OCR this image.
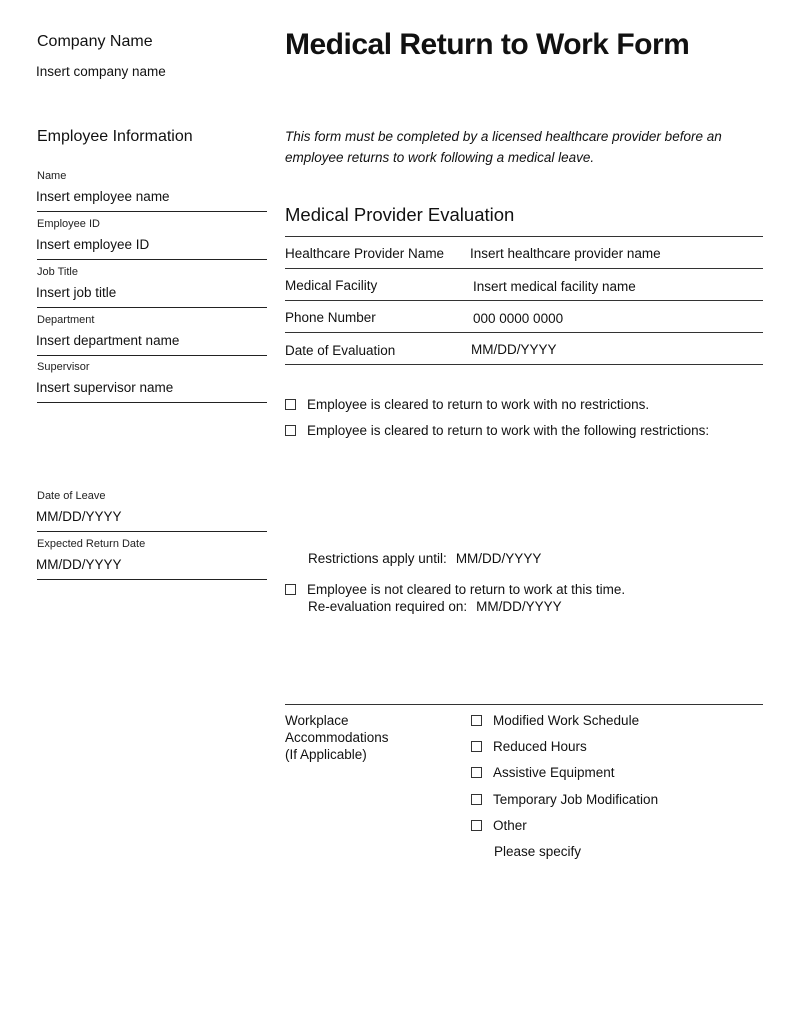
Company Name
Insert company name
Employee Information
Name
Insert employee name
Employee ID
Insert employee ID
Job Title
Insert job title
Department
Insert department name
Supervisor
Insert supervisor name
Date of Leave
MM/DD/YYYY
Expected Return Date
MM/DD/YYYY
Medical Return to Work Form
This form must be completed by a licensed healthcare provider before an employee returns to work following a medical leave.
Medical Provider Evaluation
Healthcare Provider Name Insert healthcare provider name
Medical Facility	Insert medical facility name
Phone Number	000 0000 0000
Date of Evaluation	MM/DD/YYYY
Employee is cleared to return to work with no restrictions.
Employee is cleared to return to work with the following restrictions:
Restrictions apply until: MM/DD/YYYY
Employee is not cleared to return to work at this time.
Re-evaluation required on: MM/DD/YYYY
Workplace
Accommodations
(If Applicable)
Modified Work Schedule
Reduced Hours
Assistive Equipment
Temporary Job Modification
Other
Please specify
